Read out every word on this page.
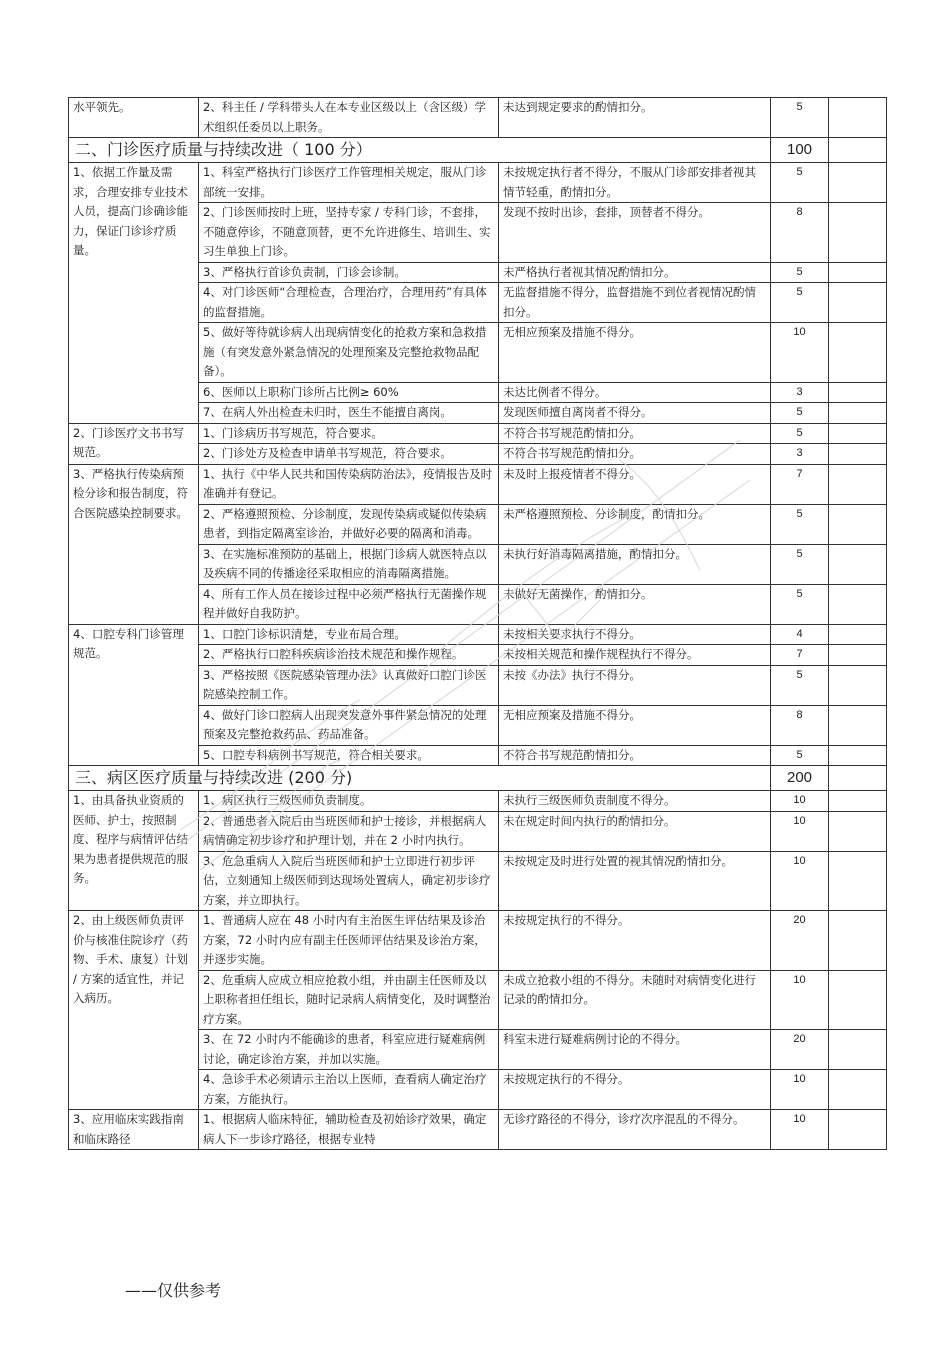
水平领先。	2、科主任 / 学科带头人在本专业区级以上（含区级）学术组织任委员以上职务。	未达到规定要求的酌情扣分。	5	
二、门诊医疗质量与持续改进（ 100 分）			100	
1、依据工作量及需求，合理安排专业技术人员，提高门诊确诊能力，保证门诊诊疗质量。	1、科室严格执行门诊医疗工作管理相关规定，服从门诊部统一安排。	未按规定执行者不得分，不服从门诊部安排者视其情节轻重，酌情扣分。	5	
	2、门诊医师按时上班，坚持专家 / 专科门诊，不套排，不随意停诊，不随意顶替，更不允许进修生、培训生、实习生单独上门诊。	发现不按时出诊，套排，顶替者不得分。	8	
	3、严格执行首诊负责制，门诊会诊制。	未严格执行者视其情况酌情扣分。	5	
	4、对门诊医师“合理检查，合理治疗，合理用药”有具体的监督措施。	无监督措施不得分，监督措施不到位者视情况酌情扣分。	5	
	5、做好等待就诊病人出现病情变化的抢救方案和急救措施（有突发意外紧急情况的处理预案及完整抢救物品配备）。	无相应预案及措施不得分。	10	
	6、医师以上职称门诊所占比例≥ 60%	未达比例者不得分。	3	
	7、在病人外出检查未归时，医生不能擅自离岗。	发现医师擅自离岗者不得分。	5	
2、门诊医疗文书书写规范。	1、门诊病历书写规范，符合要求。	不符合书写规范酌情扣分。	5	
	2、门诊处方及检查申请单书写规范，符合要求。	不符合书写规范酌情扣分。	3	
3、严格执行传染病预检分诊和报告制度，符合医院感染控制要求。	1、执行《中华人民共和国传染病防治法》，疫情报告及时准确并有登记。	未及时上报疫情者不得分。	7	
	2、严格遵照预检、分诊制度，发现传染病或疑似传染病患者，到指定隔离室诊治，并做好必要的隔离和消毒。	未严格遵照预检、分诊制度，酌情扣分。	5	
	3、在实施标准预防的基础上，根据门诊病人就医特点以及疾病不同的传播途径采取相应的消毒隔离措施。	未执行好消毒隔离措施，酌情扣分。	5	
	4、所有工作人员在接诊过程中必须严格执行无菌操作规程并做好自我防护。	未做好无菌操作，酌情扣分。	5	
4、口腔专科门诊管理规范。	1、口腔门诊标识清楚，专业布局合理。	未按相关要求执行不得分。	4	
	2、严格执行口腔科疾病诊治技术规范和操作规程。	未按相关规范和操作规程执行不得分。	7	
	3、严格按照《医院感染管理办法》认真做好口腔门诊医院感染控制工作。	未按《办法》执行不得分。	5	
	4、做好门诊口腔病人出现突发意外事件紧急情况的处理预案及完整抢救药品、药品准备。	无相应预案及措施不得分。	8	
	5、口腔专科病例书写规范，符合相关要求。	不符合书写规范酌情扣分。	5	
三、病区医疗质量与持续改进 (200 分)			200	
1、由具备执业资质的医师、护士，按照制度、程序与病情评估结果为患者提供规范的服务。	1、病区执行三级医师负责制度。	未执行三级医师负责制度不得分。	10	
	2、普通患者入院后由当班医师和护士接诊，并根据病人病情确定初步诊疗和护理计划，并在 2 小时内执行。	未在规定时间内执行的酌情扣分。	10	
	3、危急重病人入院后当班医师和护士立即进行初步评估，立刻通知上级医师到达现场处置病人，确定初步诊疗方案，并立即执行。	未按规定及时进行处置的视其情况酌情扣分。	10	
2、由上级医师负责评价与核准住院诊疗（药物、手术、康复）计划 / 方案的适宜性，并记入病历。	1、普通病人应在 48 小时内有主治医生评估结果及诊治方案，72 小时内应有副主任医师评估结果及诊治方案，并逐步实施。	未按规定执行的不得分。	20	
	2、危重病人应成立相应抢救小组，并由副主任医师及以上职称者担任组长，随时记录病人病情变化，及时调整治疗方案。	未成立抢救小组的不得分。未随时对病情变化进行记录的酌情扣分。	10	
	3、在 72 小时内不能确诊的患者，科室应进行疑难病例讨论，确定诊治方案，并加以实施。	科室未进行疑难病例讨论的不得分。	20	
	4、急诊手术必须请示主治以上医师，查看病人确定治疗方案，方能执行。	未按规定执行的不得分。	10	
3、应用临床实践指南和临床路径	1、根据病人临床特征，辅助检查及初始诊疗效果，确定病人下一步诊疗路径，根据专业特	无诊疗路径的不得分，诊疗次序混乱的不得分。	10	
——仅供参考
